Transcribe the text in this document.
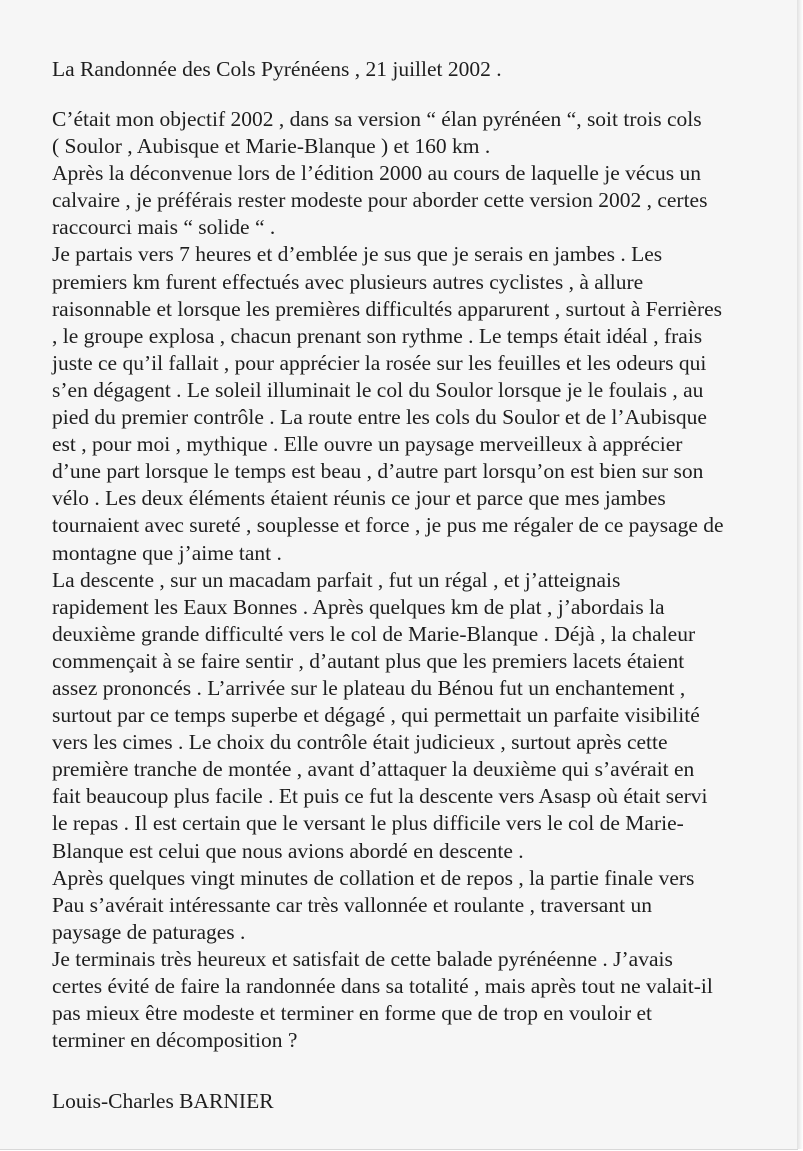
La Randonnée des Cols Pyrénéens , 21 juillet 2002 .
C’était mon objectif 2002 , dans sa version “ élan pyrénéen “, soit trois cols
( Soulor , Aubisque et Marie-Blanque ) et 160 km .
Après la déconvenue lors de l’édition 2000 au cours de laquelle je vécus un
calvaire , je préférais rester modeste pour aborder cette version 2002 , certes
raccourci mais “ solide “ .
Je partais vers 7 heures et d’emblée je sus que je serais en jambes . Les
premiers km furent effectués avec plusieurs autres cyclistes , à allure
raisonnable et lorsque les premières difficultés apparurent , surtout à Ferrières
, le groupe explosa , chacun prenant son rythme . Le temps était idéal , frais
juste ce qu’il fallait , pour apprécier la rosée sur les feuilles et les odeurs qui
s’en dégagent . Le soleil illuminait le col du Soulor lorsque je le foulais , au
pied du premier contrôle . La route entre les cols du Soulor et de l’Aubisque
est , pour moi , mythique . Elle ouvre un paysage merveilleux à apprécier
d’une part lorsque le temps est beau , d’autre part lorsqu’on est bien sur son
vélo . Les deux éléments étaient réunis ce jour et parce que mes jambes
tournaient avec sureté , souplesse et force , je pus me régaler de ce paysage de
montagne que j’aime tant .
La descente , sur un macadam parfait , fut un régal , et j’atteignais
rapidement les Eaux Bonnes . Après quelques km de plat , j’abordais la
deuxième grande difficulté vers le col de Marie-Blanque . Déjà , la chaleur
commençait à se faire sentir , d’autant plus que les premiers lacets étaient
assez prononcés . L’arrivée sur le plateau du Bénou fut un enchantement ,
surtout par ce temps superbe et dégagé , qui permettait un parfaite visibilité
vers les cimes . Le choix du contrôle était judicieux , surtout après cette
première tranche de montée , avant d’attaquer la deuxième qui s’avérait en
fait beaucoup plus facile . Et puis ce fut la descente vers Asasp où était servi
le repas . Il est certain que le versant le plus difficile vers le col de Marie-
Blanque est celui que nous avions abordé en descente .
Après quelques vingt minutes de collation et de repos , la partie finale vers
Pau s’avérait intéressante car très vallonnée et roulante , traversant un
paysage de paturages .
Je terminais très heureux et satisfait de cette balade pyrénéenne . J’avais
certes évité de faire la randonnée dans sa totalité , mais après tout ne valait-il
pas mieux être modeste et terminer en forme que de trop en vouloir et
terminer en décomposition ?
Louis-Charles BARNIER
